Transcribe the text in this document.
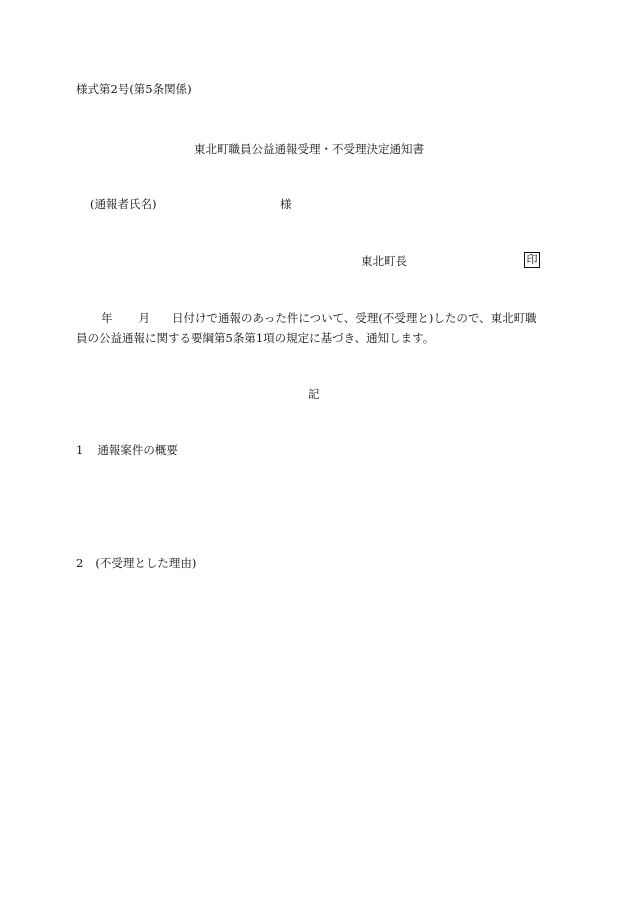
様式第2号(第5条関係)
東北町職員公益通報受理・不受理決定通知書
(通報者氏名)	様
東北町長	印
年 月 日付けで通報のあった件について、受理(不受理と)したので、東北町職
員の公益通報に関する要綱第5条第1項の規定に基づき、通知します。
記
1 通報案件の概要
2 (不受理とした理由)
